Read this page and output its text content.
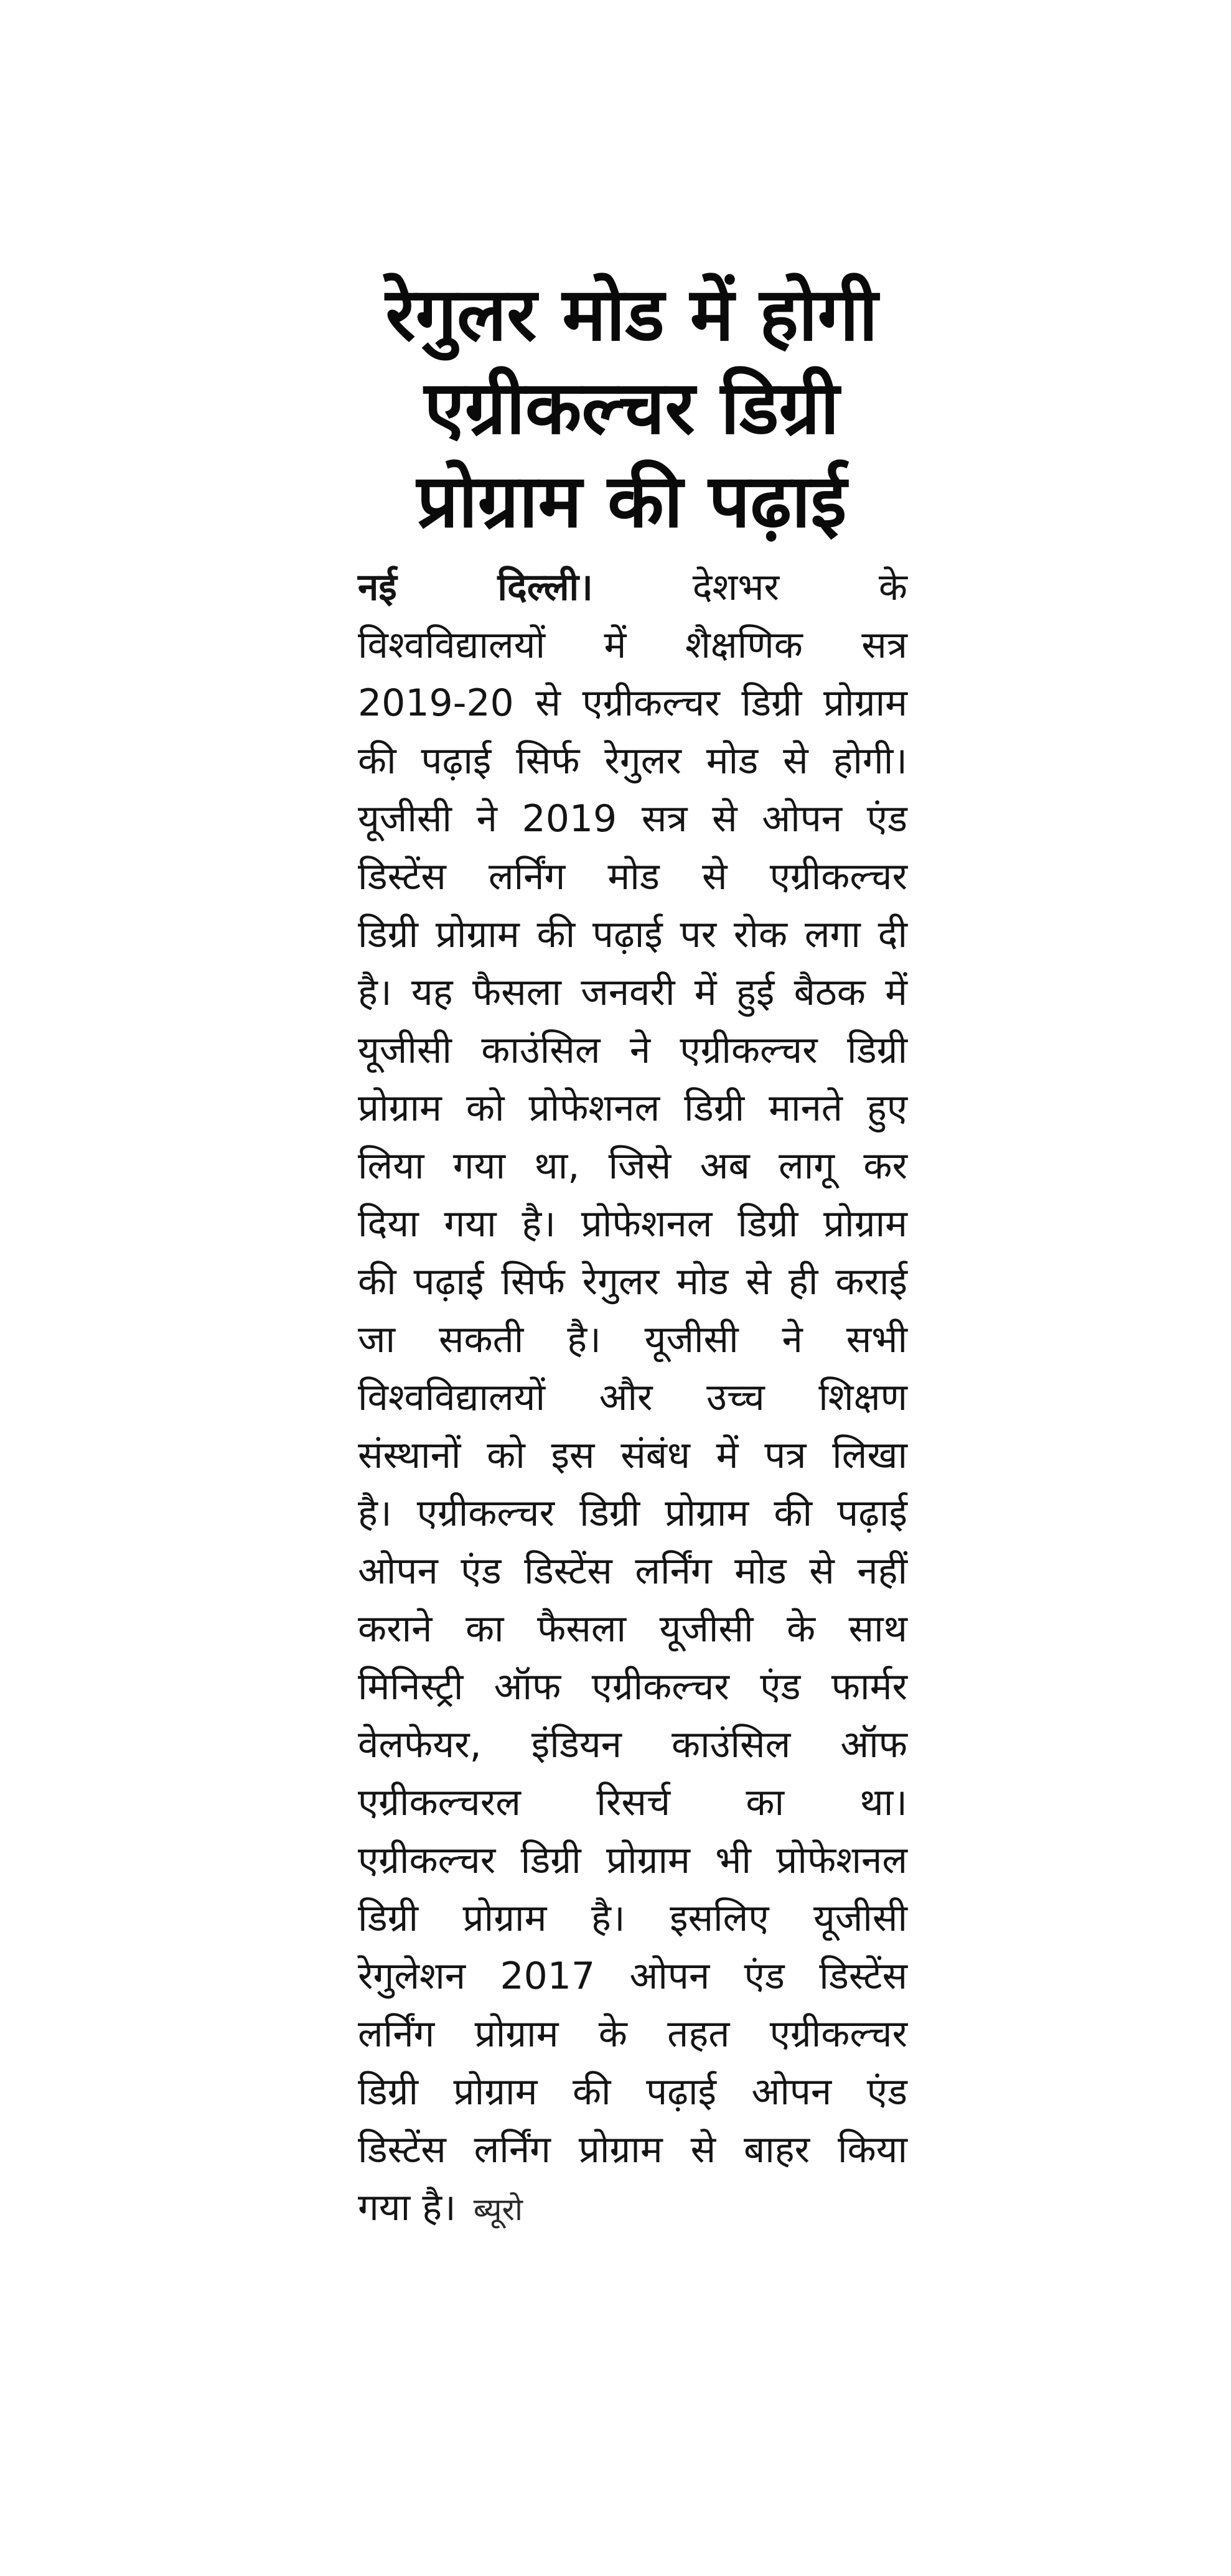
रेगुलर मोड में होगी
एग्रीकल्चर डिग्री
प्रोग्राम की पढ़ाई
नई दिल्ली।	देशभर के
विश्वविद्यालयों में शैक्षणिक सत्र
2019-20 से एग्रीकल्चर डिग्री प्रोग्राम
की पढ़ाई सिर्फ रेगुलर मोड से होगी।
यूजीसी ने 2019 सत्र से ओपन एंड
डिस्टेंस लर्निंग मोड से एग्रीकल्चर
डिग्री प्रोग्राम की पढ़ाई पर रोक लगा दी
है। यह फैसला जनवरी में हुई बैठक में
यूजीसी काउंसिल ने एग्रीकल्चर डिग्री
प्रोग्राम को प्रोफेशनल डिग्री मानते हुए
लिया गया था, जिसे अब लागू कर
दिया गया है। प्रोफेशनल डिग्री प्रोग्राम
की पढ़ाई सिर्फ रेगुलर मोड से ही कराई
जा सकती है। यूजीसी ने सभी
विश्वविद्यालयों और उच्च शिक्षण
संस्थानों को इस संबंध में पत्र लिखा
है। एग्रीकल्चर डिग्री प्रोग्राम की पढ़ाई
ओपन एंड डिस्टेंस लर्निंग मोड से नहीं
कराने का फैसला यूजीसी के साथ
मिनिस्ट्री ऑफ एग्रीकल्चर एंड फार्मर
वेलफेयर, इंडियन काउंसिल ऑफ
एग्रीकल्चरल रिसर्च का था।
एग्रीकल्चर डिग्री प्रोग्राम भी प्रोफेशनल
डिग्री प्रोग्राम है। इसलिए यूजीसी
रेगुलेशन 2017 ओपन एंड डिस्टेंस
लर्निंग प्रोग्राम के तहत एग्रीकल्चर
डिग्री प्रोग्राम की पढ़ाई ओपन एंड
डिस्टेंस लर्निंग प्रोग्राम से बाहर किया
गया है। ब्यूरो
